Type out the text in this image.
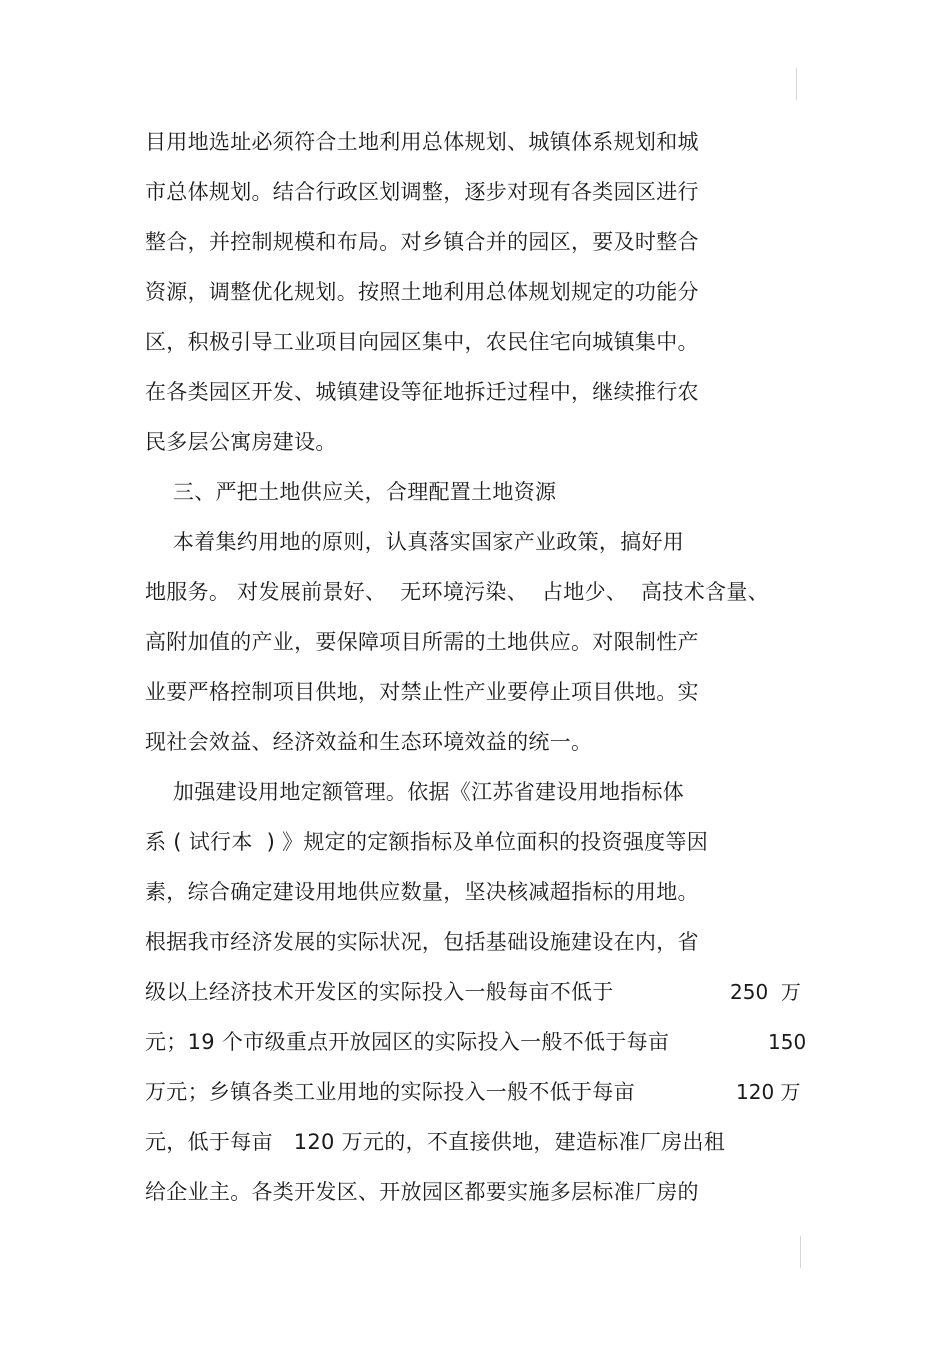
目用地选址必须符合土地利用总体规划、城镇体系规划和城
市总体规划。结合行政区划调整，逐步对现有各类园区进行
整合，并控制规模和布局。对乡镇合并的园区，要及时整合
资源，调整优化规划。按照土地利用总体规划规定的功能分
区，积极引导工业项目向园区集中，农民住宅向城镇集中。
在各类园区开发、城镇建设等征地拆迁过程中，继续推行农
民多层公寓房建设。
三、严把土地供应关，合理配置土地资源
本着集约用地的原则，认真落实国家产业政策，搞好用
地服务。 对发展前景好、  无环境污染、  占地少、  高技术含量、
高附加值的产业，要保障项目所需的土地供应。对限制性产
业要严格控制项目供地，对禁止性产业要停止项目供地。实
现社会效益、经济效益和生态环境效益的统一。
加强建设用地定额管理。依据《江苏省建设用地指标体
系 ( 试行本  ) 》规定的定额指标及单位面积的投资强度等因
素，综合确定建设用地供应数量，坚决核减超指标的用地。
根据我市经济发展的实际状况，包括基础设施建设在内，省
级以上经济技术开发区的实际投入一般每亩不低于	250  万
元；19 个市级重点开放园区的实际投入一般不低于每亩	150
万元；乡镇各类工业用地的实际投入一般不低于每亩	120 万
元，低于每亩   120 万元的，不直接供地，建造标准厂房出租
给企业主。各类开发区、开放园区都要实施多层标准厂房的
